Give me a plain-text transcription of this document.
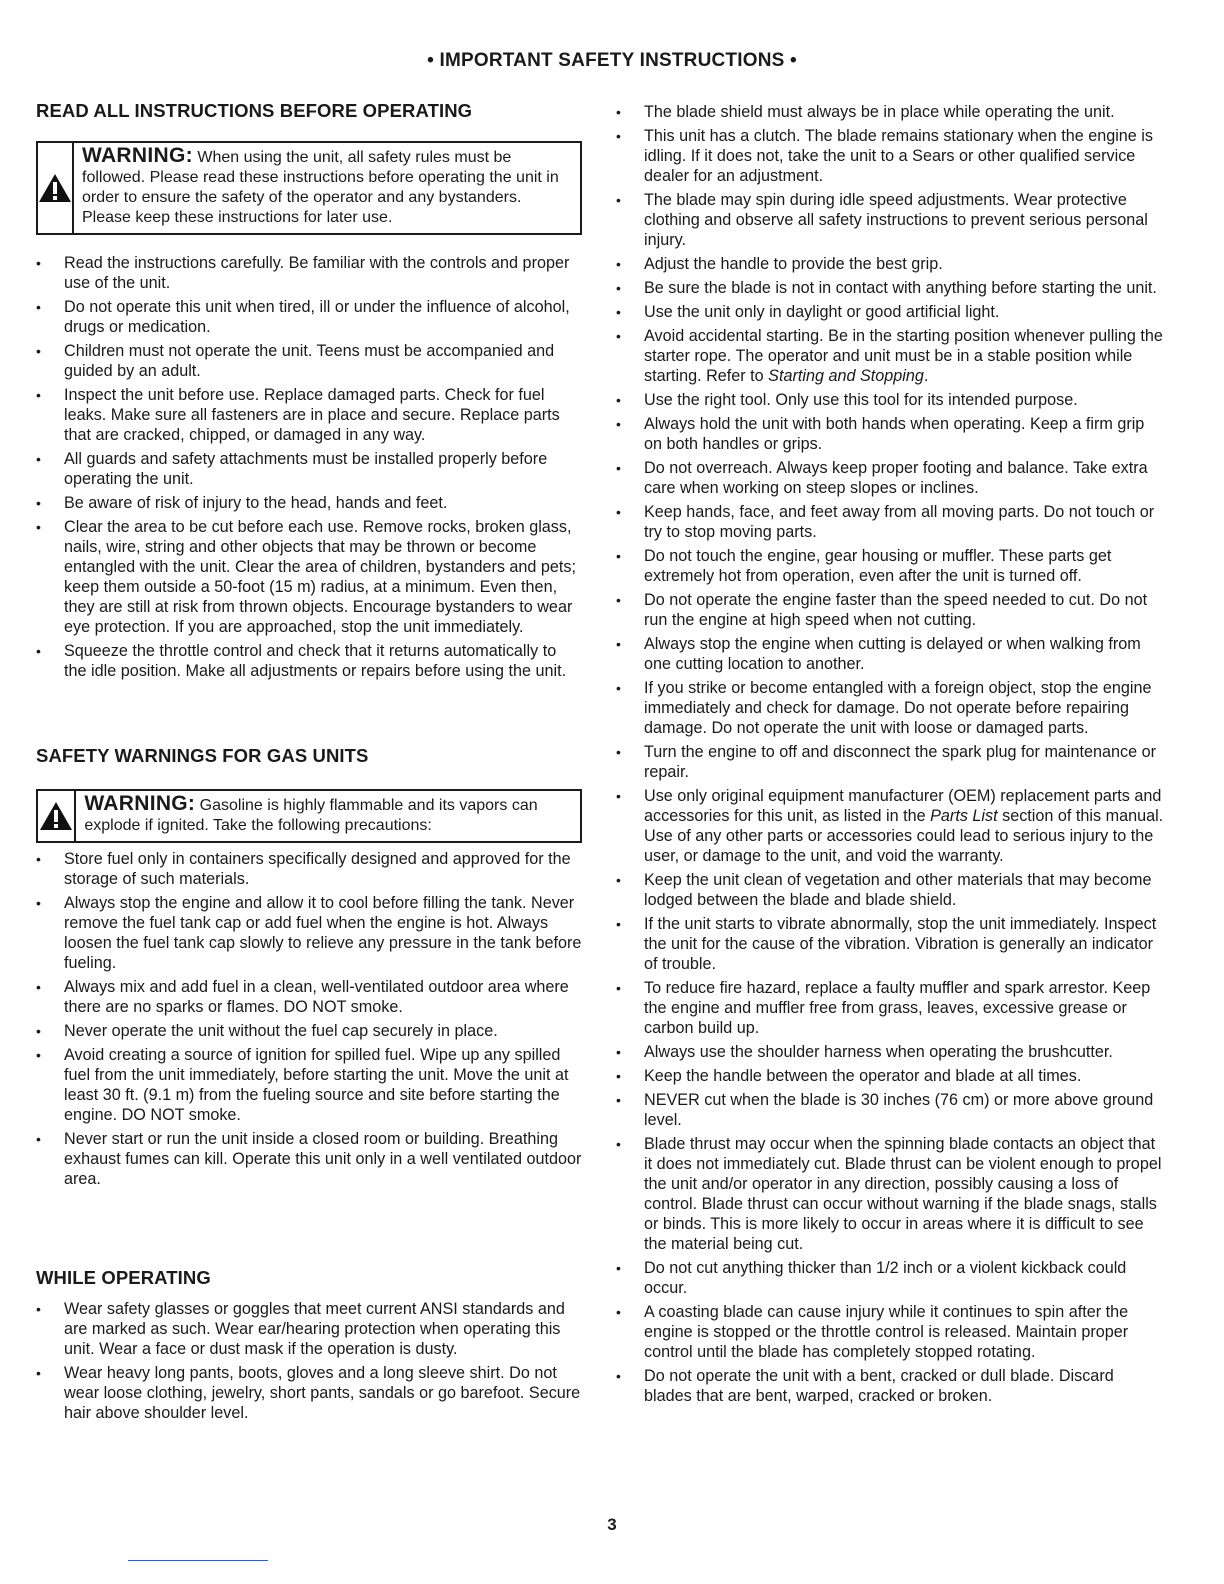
• IMPORTANT SAFETY INSTRUCTIONS •
READ ALL INSTRUCTIONS BEFORE OPERATING
WARNING: When using the unit, all safety rules must be followed. Please read these instructions before operating the unit in order to ensure the safety of the operator and any bystanders. Please keep these instructions for later use.
• Read the instructions carefully. Be familiar with the controls and proper use of the unit.
• Do not operate this unit when tired, ill or under the influence of alcohol, drugs or medication.
• Children must not operate the unit. Teens must be accompanied and guided by an adult.
• Inspect the unit before use. Replace damaged parts. Check for fuel leaks. Make sure all fasteners are in place and secure. Replace parts that are cracked, chipped, or damaged in any way.
• All guards and safety attachments must be installed properly before operating the unit.
• Be aware of risk of injury to the head, hands and feet.
• Clear the area to be cut before each use. Remove rocks, broken glass, nails, wire, string and other objects that may be thrown or become entangled with the unit. Clear the area of children, bystanders and pets; keep them outside a 50-foot (15 m) radius, at a minimum. Even then, they are still at risk from thrown objects. Encourage bystanders to wear eye protection. If you are approached, stop the unit immediately.
• Squeeze the throttle control and check that it returns automatically to the idle position. Make all adjustments or repairs before using the unit.
SAFETY WARNINGS FOR GAS UNITS
WARNING: Gasoline is highly flammable and its vapors can explode if ignited. Take the following precautions:
• Store fuel only in containers specifically designed and approved for the storage of such materials.
• Always stop the engine and allow it to cool before filling the tank. Never remove the fuel tank cap or add fuel when the engine is hot. Always loosen the fuel tank cap slowly to relieve any pressure in the tank before fueling.
• Always mix and add fuel in a clean, well-ventilated outdoor area where there are no sparks or flames. DO NOT smoke.
• Never operate the unit without the fuel cap securely in place.
• Avoid creating a source of ignition for spilled fuel. Wipe up any spilled fuel from the unit immediately, before starting the unit. Move the unit at least 30 ft. (9.1 m) from the fueling source and site before starting the engine. DO NOT smoke.
• Never start or run the unit inside a closed room or building. Breathing exhaust fumes can kill. Operate this unit only in a well ventilated outdoor area.
WHILE OPERATING
• Wear safety glasses or goggles that meet current ANSI standards and are marked as such. Wear ear/hearing protection when operating this unit. Wear a face or dust mask if the operation is dusty.
• Wear heavy long pants, boots, gloves and a long sleeve shirt. Do not wear loose clothing, jewelry, short pants, sandals or go barefoot. Secure hair above shoulder level.
• The blade shield must always be in place while operating the unit.
• This unit has a clutch. The blade remains stationary when the engine is idling. If it does not, take the unit to a Sears or other qualified service dealer for an adjustment.
• The blade may spin during idle speed adjustments. Wear protective clothing and observe all safety instructions to prevent serious personal injury.
• Adjust the handle to provide the best grip.
• Be sure the blade is not in contact with anything before starting the unit.
• Use the unit only in daylight or good artificial light.
• Avoid accidental starting. Be in the starting position whenever pulling the starter rope. The operator and unit must be in a stable position while starting. Refer to Starting and Stopping.
• Use the right tool. Only use this tool for its intended purpose.
• Always hold the unit with both hands when operating. Keep a firm grip on both handles or grips.
• Do not overreach. Always keep proper footing and balance. Take extra care when working on steep slopes or inclines.
• Keep hands, face, and feet away from all moving parts. Do not touch or try to stop moving parts.
• Do not touch the engine, gear housing or muffler. These parts get extremely hot from operation, even after the unit is turned off.
• Do not operate the engine faster than the speed needed to cut. Do not run the engine at high speed when not cutting.
• Always stop the engine when cutting is delayed or when walking from one cutting location to another.
• If you strike or become entangled with a foreign object, stop the engine immediately and check for damage. Do not operate before repairing damage. Do not operate the unit with loose or damaged parts.
• Turn the engine to off and disconnect the spark plug for maintenance or repair.
• Use only original equipment manufacturer (OEM) replacement parts and accessories for this unit, as listed in the Parts List section of this manual. Use of any other parts or accessories could lead to serious injury to the user, or damage to the unit, and void the warranty.
• Keep the unit clean of vegetation and other materials that may become lodged between the blade and blade shield.
• If the unit starts to vibrate abnormally, stop the unit immediately. Inspect the unit for the cause of the vibration. Vibration is generally an indicator of trouble.
• To reduce fire hazard, replace a faulty muffler and spark arrestor. Keep the engine and muffler free from grass, leaves, excessive grease or carbon build up.
• Always use the shoulder harness when operating the brushcutter.
• Keep the handle between the operator and blade at all times.
• NEVER cut when the blade is 30 inches (76 cm) or more above ground level.
• Blade thrust may occur when the spinning blade contacts an object that it does not immediately cut. Blade thrust can be violent enough to propel the unit and/or operator in any direction, possibly causing a loss of control. Blade thrust can occur without warning if the blade snags, stalls or binds. This is more likely to occur in areas where it is difficult to see the material being cut.
• Do not cut anything thicker than 1/2 inch or a violent kickback could occur.
• A coasting blade can cause injury while it continues to spin after the engine is stopped or the throttle control is released. Maintain proper control until the blade has completely stopped rotating.
• Do not operate the unit with a bent, cracked or dull blade. Discard blades that are bent, warped, cracked or broken.
3
